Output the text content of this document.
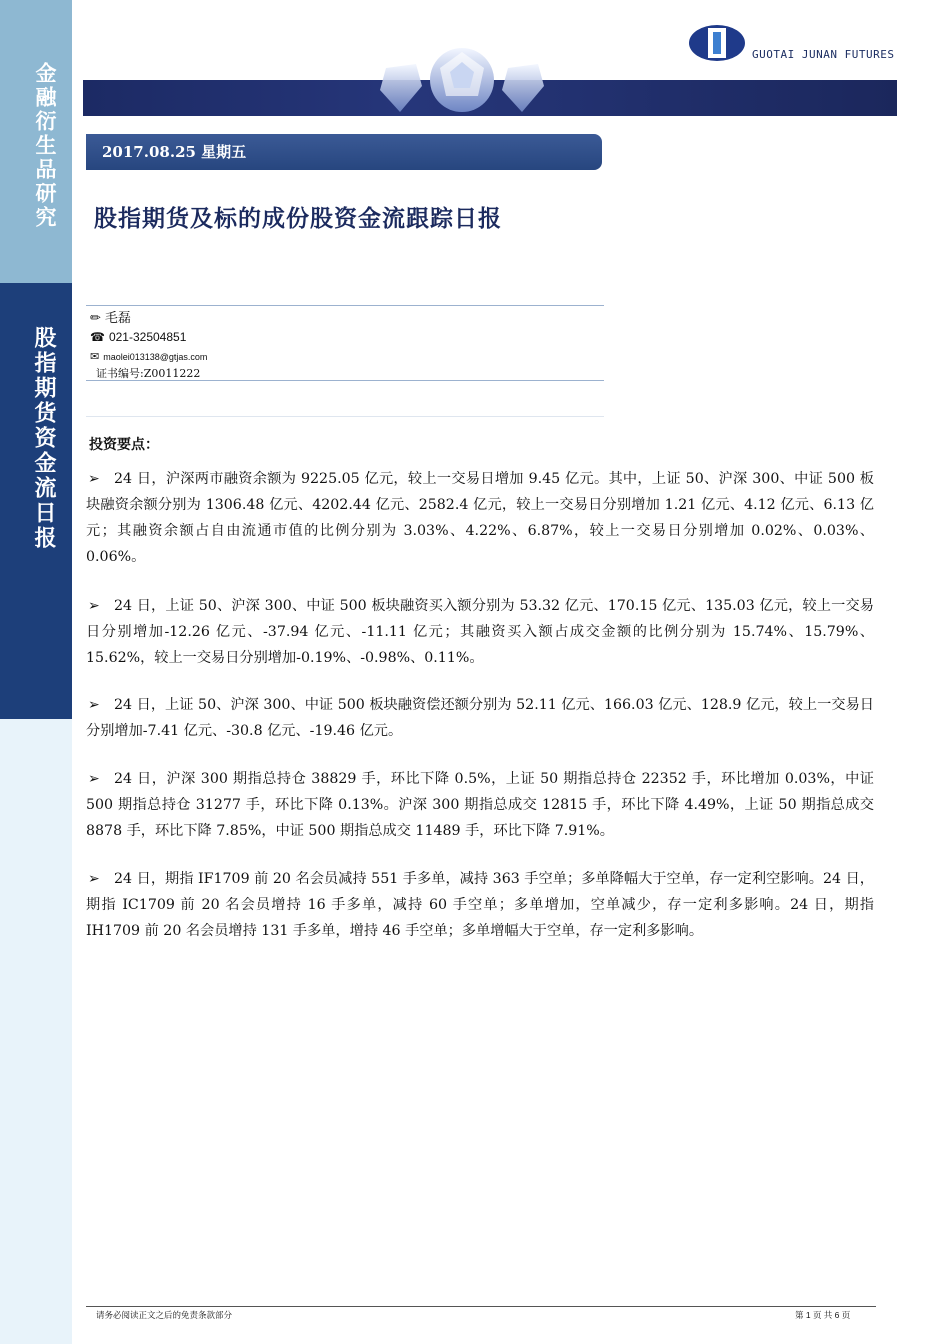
金融衍生品研究
股指期货资金流日报
GUOTAI JUNAN FUTURES
2017.08.25 星期五
股指期货及标的成份股资金流跟踪日报
✏ 毛磊
☎ 021-32504851
✉ maolei013138@gtjas.com
证书编号:Z0011222
投资要点：
➢ 24 日，沪深两市融资余额为 9225.05 亿元，较上一交易日增加 9.45 亿元。其中，上证 50、沪深 300、中证 500 板块融资余额分别为 1306.48 亿元、4202.44 亿元、2582.4 亿元，较上一交易日分别增加 1.21 亿元、4.12 亿元、6.13 亿元；其融资余额占自由流通市值的比例分别为 3.03%、4.22%、6.87%，较上一交易日分别增加 0.02%、0.03%、0.06%。
➢ 24 日，上证 50、沪深 300、中证 500 板块融资买入额分别为 53.32 亿元、170.15 亿元、135.03 亿元，较上一交易日分别增加-12.26 亿元、-37.94 亿元、-11.11 亿元；其融资买入额占成交金额的比例分别为 15.74%、15.79%、15.62%，较上一交易日分别增加-0.19%、-0.98%、0.11%。
➢ 24 日，上证 50、沪深 300、中证 500 板块融资偿还额分别为 52.11 亿元、166.03 亿元、128.9 亿元，较上一交易日分别增加-7.41 亿元、-30.8 亿元、-19.46 亿元。
➢ 24 日，沪深 300 期指总持仓 38829 手，环比下降 0.5%，上证 50 期指总持仓 22352 手，环比增加 0.03%，中证 500 期指总持仓 31277 手，环比下降 0.13%。沪深 300 期指总成交 12815 手，环比下降 4.49%，上证 50 期指总成交 8878 手，环比下降 7.85%，中证 500 期指总成交 11489 手，环比下降 7.91%。
➢ 24 日，期指 IF1709 前 20 名会员减持 551 手多单，减持 363 手空单；多单降幅大于空单，存一定利空影响。24 日，期指 IC1709 前 20 名会员增持 16 手多单，减持 60 手空单；多单增加，空单减少，存一定利多影响。24 日，期指 IH1709 前 20 名会员增持 131 手多单，增持 46 手空单；多单增幅大于空单，存一定利多影响。
请务必阅读正文之后的免责条款部分	第 1 页 共 6 页
